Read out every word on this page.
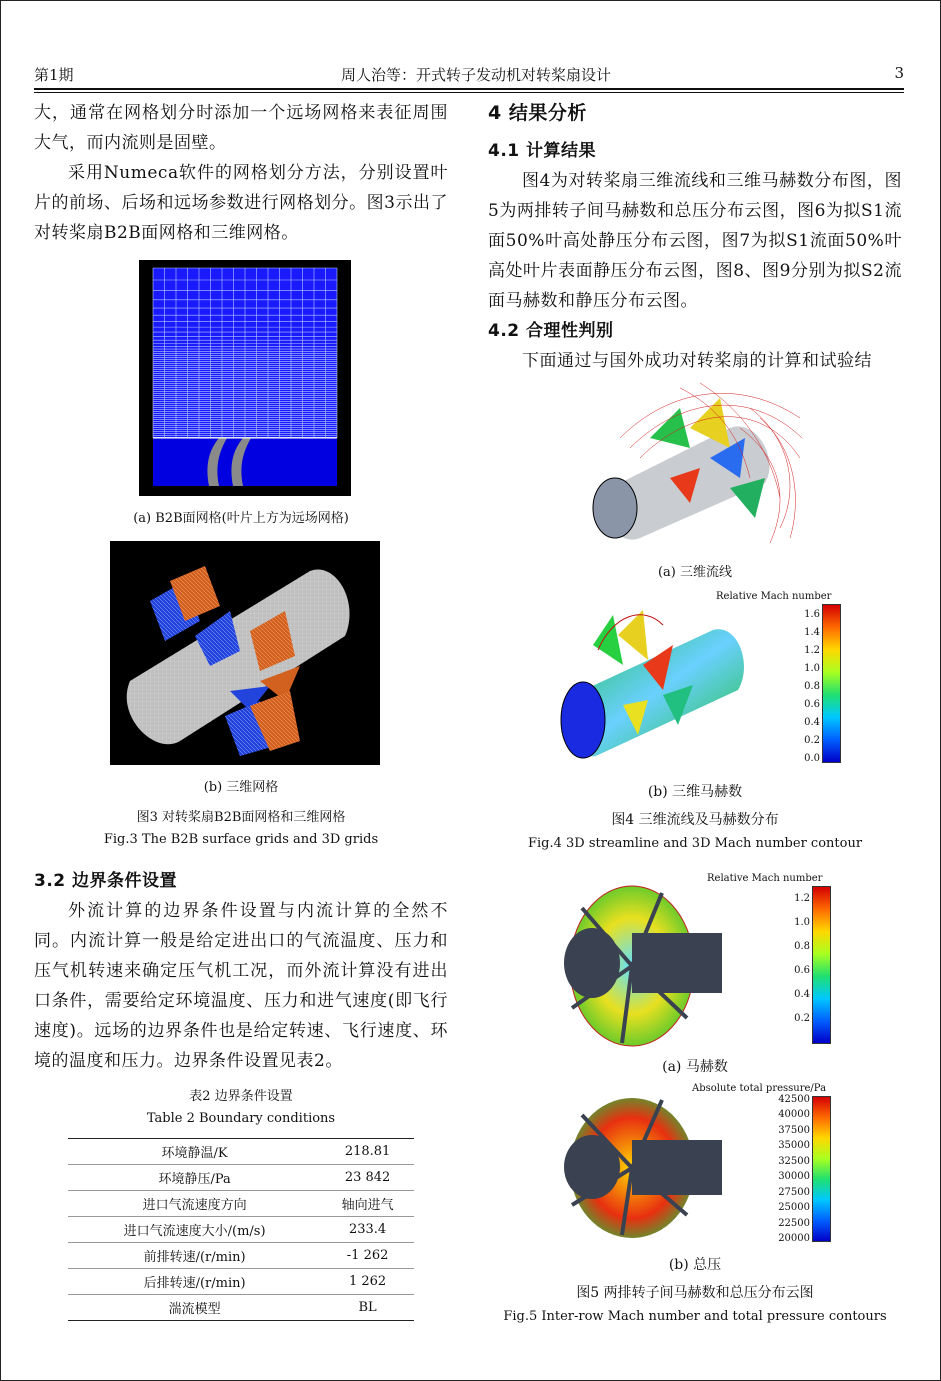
第1期	周人治等：开式转子发动机对转桨扇设计	3

大，通常在网格划分时添加一个远场网格来表征周围大气，而内流则是固壁。

采用Numeca软件的网格划分方法，分别设置叶片的前场、后场和远场参数进行网格划分。图3示出了对转桨扇B2B面网格和三维网格。

(a) B2B面网格(叶片上方为远场网格)
(b) 三维网格
图3 对转桨扇B2B面网格和三维网格
Fig.3 The B2B surface grids and 3D grids

3.2 边界条件设置

外流计算的边界条件设置与内流计算的全然不同。内流计算一般是给定进出口的气流温度、压力和压气机转速来确定压气机工况，而外流计算没有进出口条件，需要给定环境温度、压力和进气速度(即飞行速度)。远场的边界条件也是给定转速、飞行速度、环境的温度和压力。边界条件设置见表2。

表2 边界条件设置
Table 2 Boundary conditions
环境静温/K	218.81
环境静压/Pa	23 842
进口气流速度方向	轴向进气
进口气流速度大小/(m/s)	233.4
前排转速/(r/min)	-1 262
后排转速/(r/min)	1 262
湍流模型	BL

4 结果分析

4.1 计算结果

图4为对转桨扇三维流线和三维马赫数分布图，图5为两排转子间马赫数和总压分布云图，图6为拟S1流面50%叶高处静压分布云图，图7为拟S1流面50%叶高处叶片表面静压分布云图，图8、图9分别为拟S2流面马赫数和静压分布云图。

4.2 合理性判别

下面通过与国外成功对转桨扇的计算和试验结

(a) 三维流线
Relative Mach number
1.6
1.4
1.2
1.0
0.8
0.6
0.4
0.2
0.0
(b) 三维马赫数
图4 三维流线及马赫数分布
Fig.4 3D streamline and 3D Mach number contour
Relative Mach number
1.2
1.0
0.8
0.6
0.4
0.2
(a) 马赫数
Absolute total pressure/Pa
42500
40000
37500
35000
32500
30000
27500
25000
22500
20000
(b) 总压
图5 两排转子间马赫数和总压分布云图
Fig.5 Inter-row Mach number and total pressure contours
